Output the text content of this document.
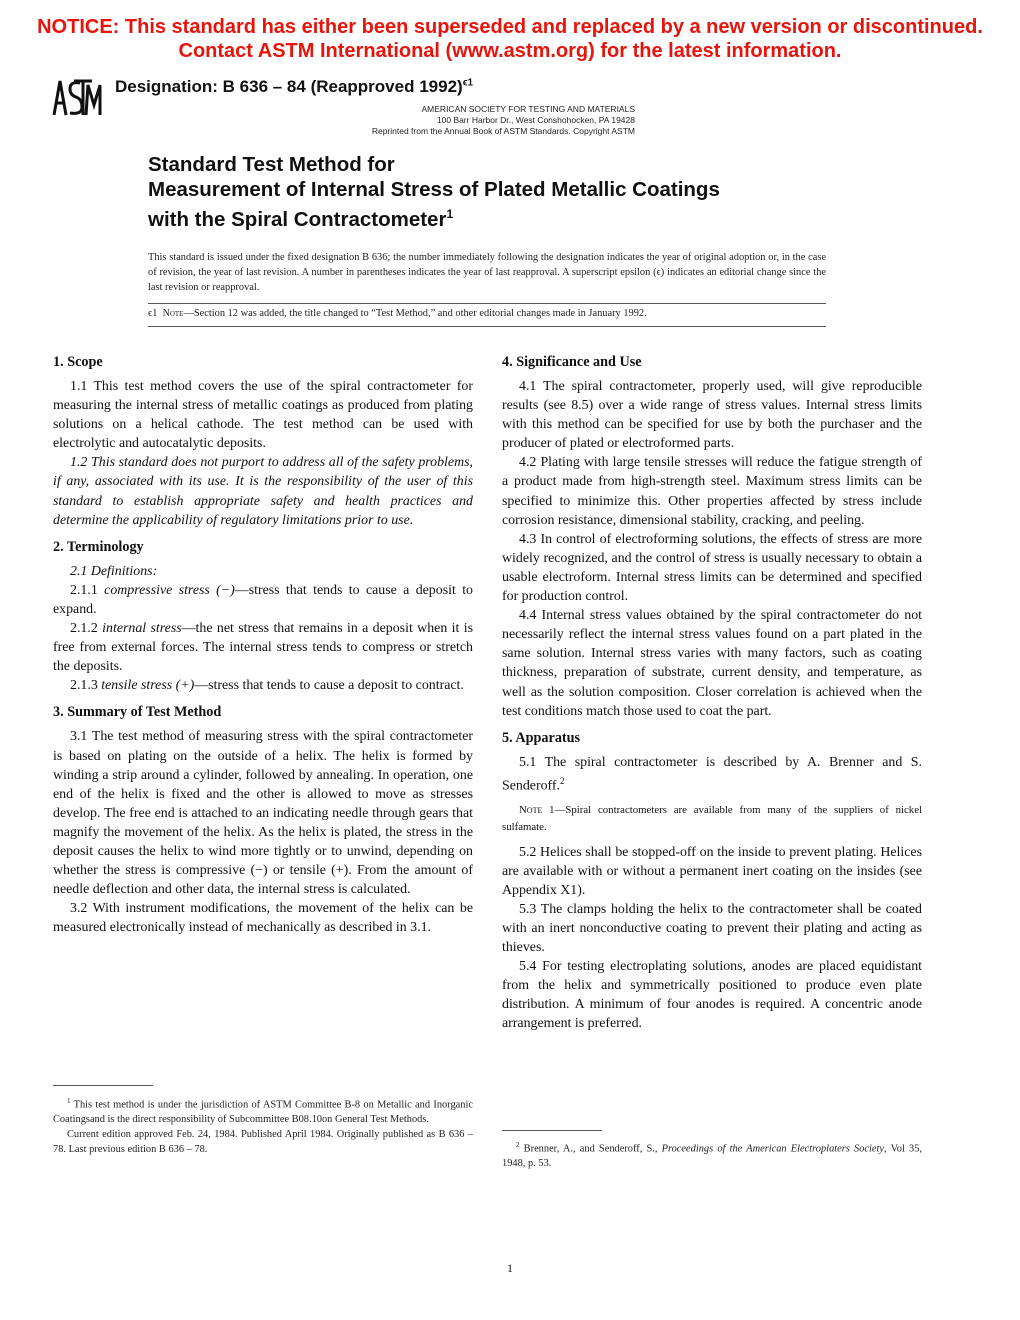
NOTICE: This standard has either been superseded and replaced by a new version or discontinued.
Contact ASTM International (www.astm.org) for the latest information.
Designation: B 636 – 84 (Reapproved 1992)$^{\epsilon 1}$
AMERICAN SOCIETY FOR TESTING AND MATERIALS
100 Barr Harbor Dr., West Conshohocken, PA 19428
Reprinted from the Annual Book of ASTM Standards. Copyright ASTM
Standard Test Method for
Measurement of Internal Stress of Plated Metallic Coatings
with the Spiral Contractometer$^1$
This standard is issued under the fixed designation B 636; the number immediately following the designation indicates the year of original adoption or, in the case of revision, the year of last revision. A number in parentheses indicates the year of last reapproval. A superscript epsilon (ϵ) indicates an editorial change since the last revision or reapproval.
ϵ1 Note—Section 12 was added, the title changed to “Test Method,” and other editorial changes made in January 1992.
1. Scope

1.1 This test method covers the use of the spiral contractometer for measuring the internal stress of metallic coatings as produced from plating solutions on a helical cathode. The test method can be used with electrolytic and autocatalytic deposits.

1.2 This standard does not purport to address all of the safety problems, if any, associated with its use. It is the responsibility of the user of this standard to establish appropriate safety and health practices and determine the applicability of regulatory limitations prior to use.

2. Terminology

2.1 Definitions:

2.1.1 compressive stress (−)—stress that tends to cause a deposit to expand.

2.1.2 internal stress—the net stress that remains in a deposit when it is free from external forces. The internal stress tends to compress or stretch the deposits.

2.1.3 tensile stress (+)—stress that tends to cause a deposit to contract.

3. Summary of Test Method

3.1 The test method of measuring stress with the spiral contractometer is based on plating on the outside of a helix. The helix is formed by winding a strip around a cylinder, followed by annealing. In operation, one end of the helix is fixed and the other is allowed to move as stresses develop. The free end is attached to an indicating needle through gears that magnify the movement of the helix. As the helix is plated, the stress in the deposit causes the helix to wind more tightly or to unwind, depending on whether the stress is compressive (−) or tensile (+). From the amount of needle deflection and other data, the internal stress is calculated.

3.2 With instrument modifications, the movement of the helix can be measured electronically instead of mechanically as described in 3.1.

4. Significance and Use

4.1 The spiral contractometer, properly used, will give reproducible results (see 8.5) over a wide range of stress values. Internal stress limits with this method can be specified for use by both the purchaser and the producer of plated or electroformed parts.

4.2 Plating with large tensile stresses will reduce the fatigue strength of a product made from high-strength steel. Maximum stress limits can be specified to minimize this. Other properties affected by stress include corrosion resistance, dimensional stability, cracking, and peeling.

4.3 In control of electroforming solutions, the effects of stress are more widely recognized, and the control of stress is usually necessary to obtain a usable electroform. Internal stress limits can be determined and specified for production control.

4.4 Internal stress values obtained by the spiral contractometer do not necessarily reflect the internal stress values found on a part plated in the same solution. Internal stress varies with many factors, such as coating thickness, preparation of substrate, current density, and temperature, as well as the solution composition. Closer correlation is achieved when the test conditions match those used to coat the part.

5. Apparatus

5.1 The spiral contractometer is described by A. Brenner and S. Senderoff.$^2$

Note 1—Spiral contractometers are available from many of the suppliers of nickel sulfamate.

5.2 Helices shall be stopped-off on the inside to prevent plating. Helices are available with or without a permanent inert coating on the insides (see Appendix X1).

5.3 The clamps holding the helix to the contractometer shall be coated with an inert nonconductive coating to prevent their plating and acting as thieves.

5.4 For testing electroplating solutions, anodes are placed equidistant from the helix and symmetrically positioned to produce even plate distribution. A minimum of four anodes is required. A concentric anode arrangement is preferred.

$^1$ This test method is under the jurisdiction of ASTM Committee B-8 on Metallic and Inorganic Coatingsand is the direct responsibility of Subcommittee B08.10on General Test Methods.

Current edition approved Feb. 24, 1984. Published April 1984. Originally published as B 636 – 78. Last previous edition B 636 – 78.	$^2$ Brenner, A., and Senderoff, S., Proceedings of the American Electroplaters Society, Vol 35, 1948, p. 53.

1
